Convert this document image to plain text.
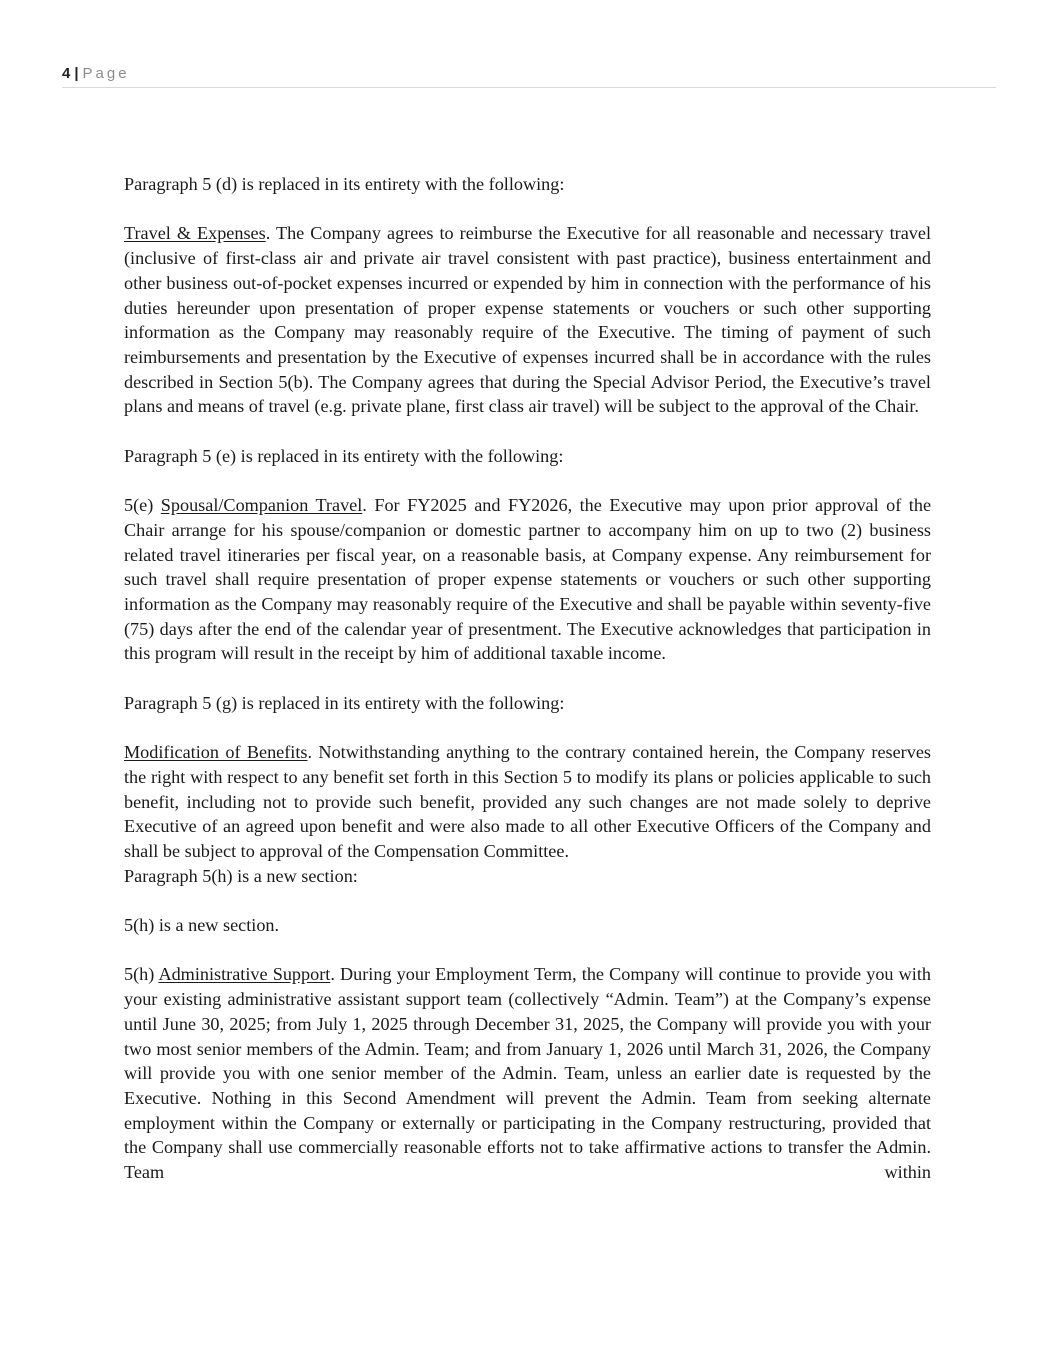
4 | Page

Paragraph 5 (d) is replaced in its entirety with the following:

Travel & Expenses. The Company agrees to reimburse the Executive for all reasonable and necessary travel (inclusive of first-class air and private air travel consistent with past practice), business entertainment and other business out-of-pocket expenses incurred or expended by him in connection with the performance of his duties hereunder upon presentation of proper expense statements or vouchers or such other supporting information as the Company may reasonably require of the Executive. The timing of payment of such reimbursements and presentation by the Executive of expenses incurred shall be in accordance with the rules described in Section 5(b). The Company agrees that during the Special Advisor Period, the Executive’s travel plans and means of travel (e.g. private plane, first class air travel) will be subject to the approval of the Chair.

Paragraph 5 (e) is replaced in its entirety with the following:

5(e) Spousal/Companion Travel. For FY2025 and FY2026, the Executive may upon prior approval of the Chair arrange for his spouse/companion or domestic partner to accompany him on up to two (2) business related travel itineraries per fiscal year, on a reasonable basis, at Company expense. Any reimbursement for such travel shall require presentation of proper expense statements or vouchers or such other supporting information as the Company may reasonably require of the Executive and shall be payable within seventy-five (75) days after the end of the calendar year of presentment. The Executive acknowledges that participation in this program will result in the receipt by him of additional taxable income.

Paragraph 5 (g) is replaced in its entirety with the following:

Modification of Benefits. Notwithstanding anything to the contrary contained herein, the Company reserves the right with respect to any benefit set forth in this Section 5 to modify its plans or policies applicable to such benefit, including not to provide such benefit, provided any such changes are not made solely to deprive Executive of an agreed upon benefit and were also made to all other Executive Officers of the Company and shall be subject to approval of the Compensation Committee.

Paragraph 5(h) is a new section:

5(h) is a new section.

5(h) Administrative Support. During your Employment Term, the Company will continue to provide you with your existing administrative assistant support team (collectively “Admin. Team”) at the Company’s expense until June 30, 2025; from July 1, 2025 through December 31, 2025, the Company will provide you with your two most senior members of the Admin. Team; and from January 1, 2026 until March 31, 2026, the Company will provide you with one senior member of the Admin. Team, unless an earlier date is requested by the Executive. Nothing in this Second Amendment will prevent the Admin. Team from seeking alternate employment within the Company or externally or participating in the Company restructuring, provided that the Company shall use commercially reasonable efforts not to take affirmative actions to transfer the Admin. Team within
